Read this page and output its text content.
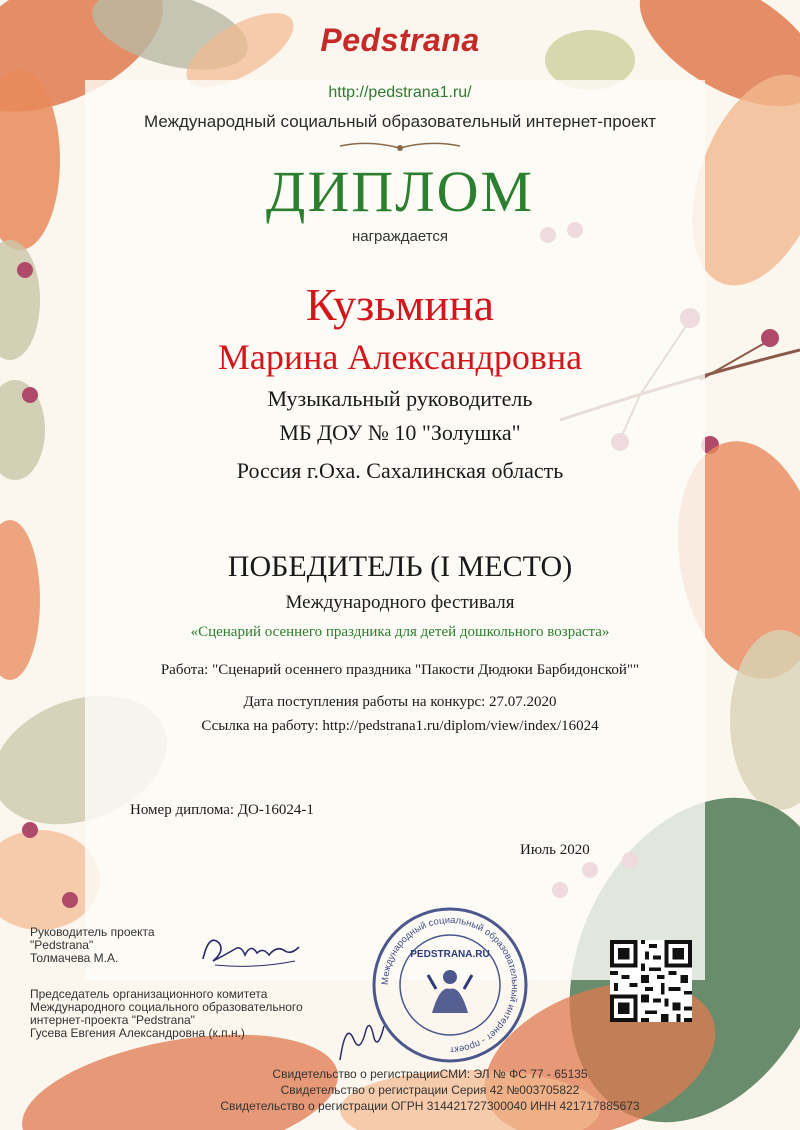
Pedstrana
http://pedstrana1.ru/
Международный социальный образовательный интернет-проект
ДИПЛОМ
награждается
Кузьмина
Марина Александровна
Музыкальный руководитель
МБ ДОУ № 10 "Золушка"
Россия г.Оха. Сахалинская область
ПОБЕДИТЕЛЬ (I МЕСТО)
Международного фестиваля
«Сценарий осеннего праздника для детей дошкольного возраста»
Работа: "Сценарий осеннего праздника "Пакости Дюдюки Барбидонской""
Дата поступления работы на конкурс: 27.07.2020
Ссылка на работу: http://pedstrana1.ru/diplom/view/index/16024
Номер диплома: ДО-16024-1
Июль 2020
Руководитель проекта
"Pedstrana"
Толмачева М.А.
Председатель организационного комитета
Международного социального образовательного
интернет-проекта "Pedstrana"
Гусева Евгения Александровна (к.п.н.)
Международный социальный образовательный интернет - проект
PEDSTRANA.RU
Свидетельство о регистрацииСМИ: ЭЛ № ФС 77 - 65135
Свидетельство о регистрации Серия 42 №003705822
Свидетельство о регистрации ОГРН 314421727300040 ИНН 421717885673
